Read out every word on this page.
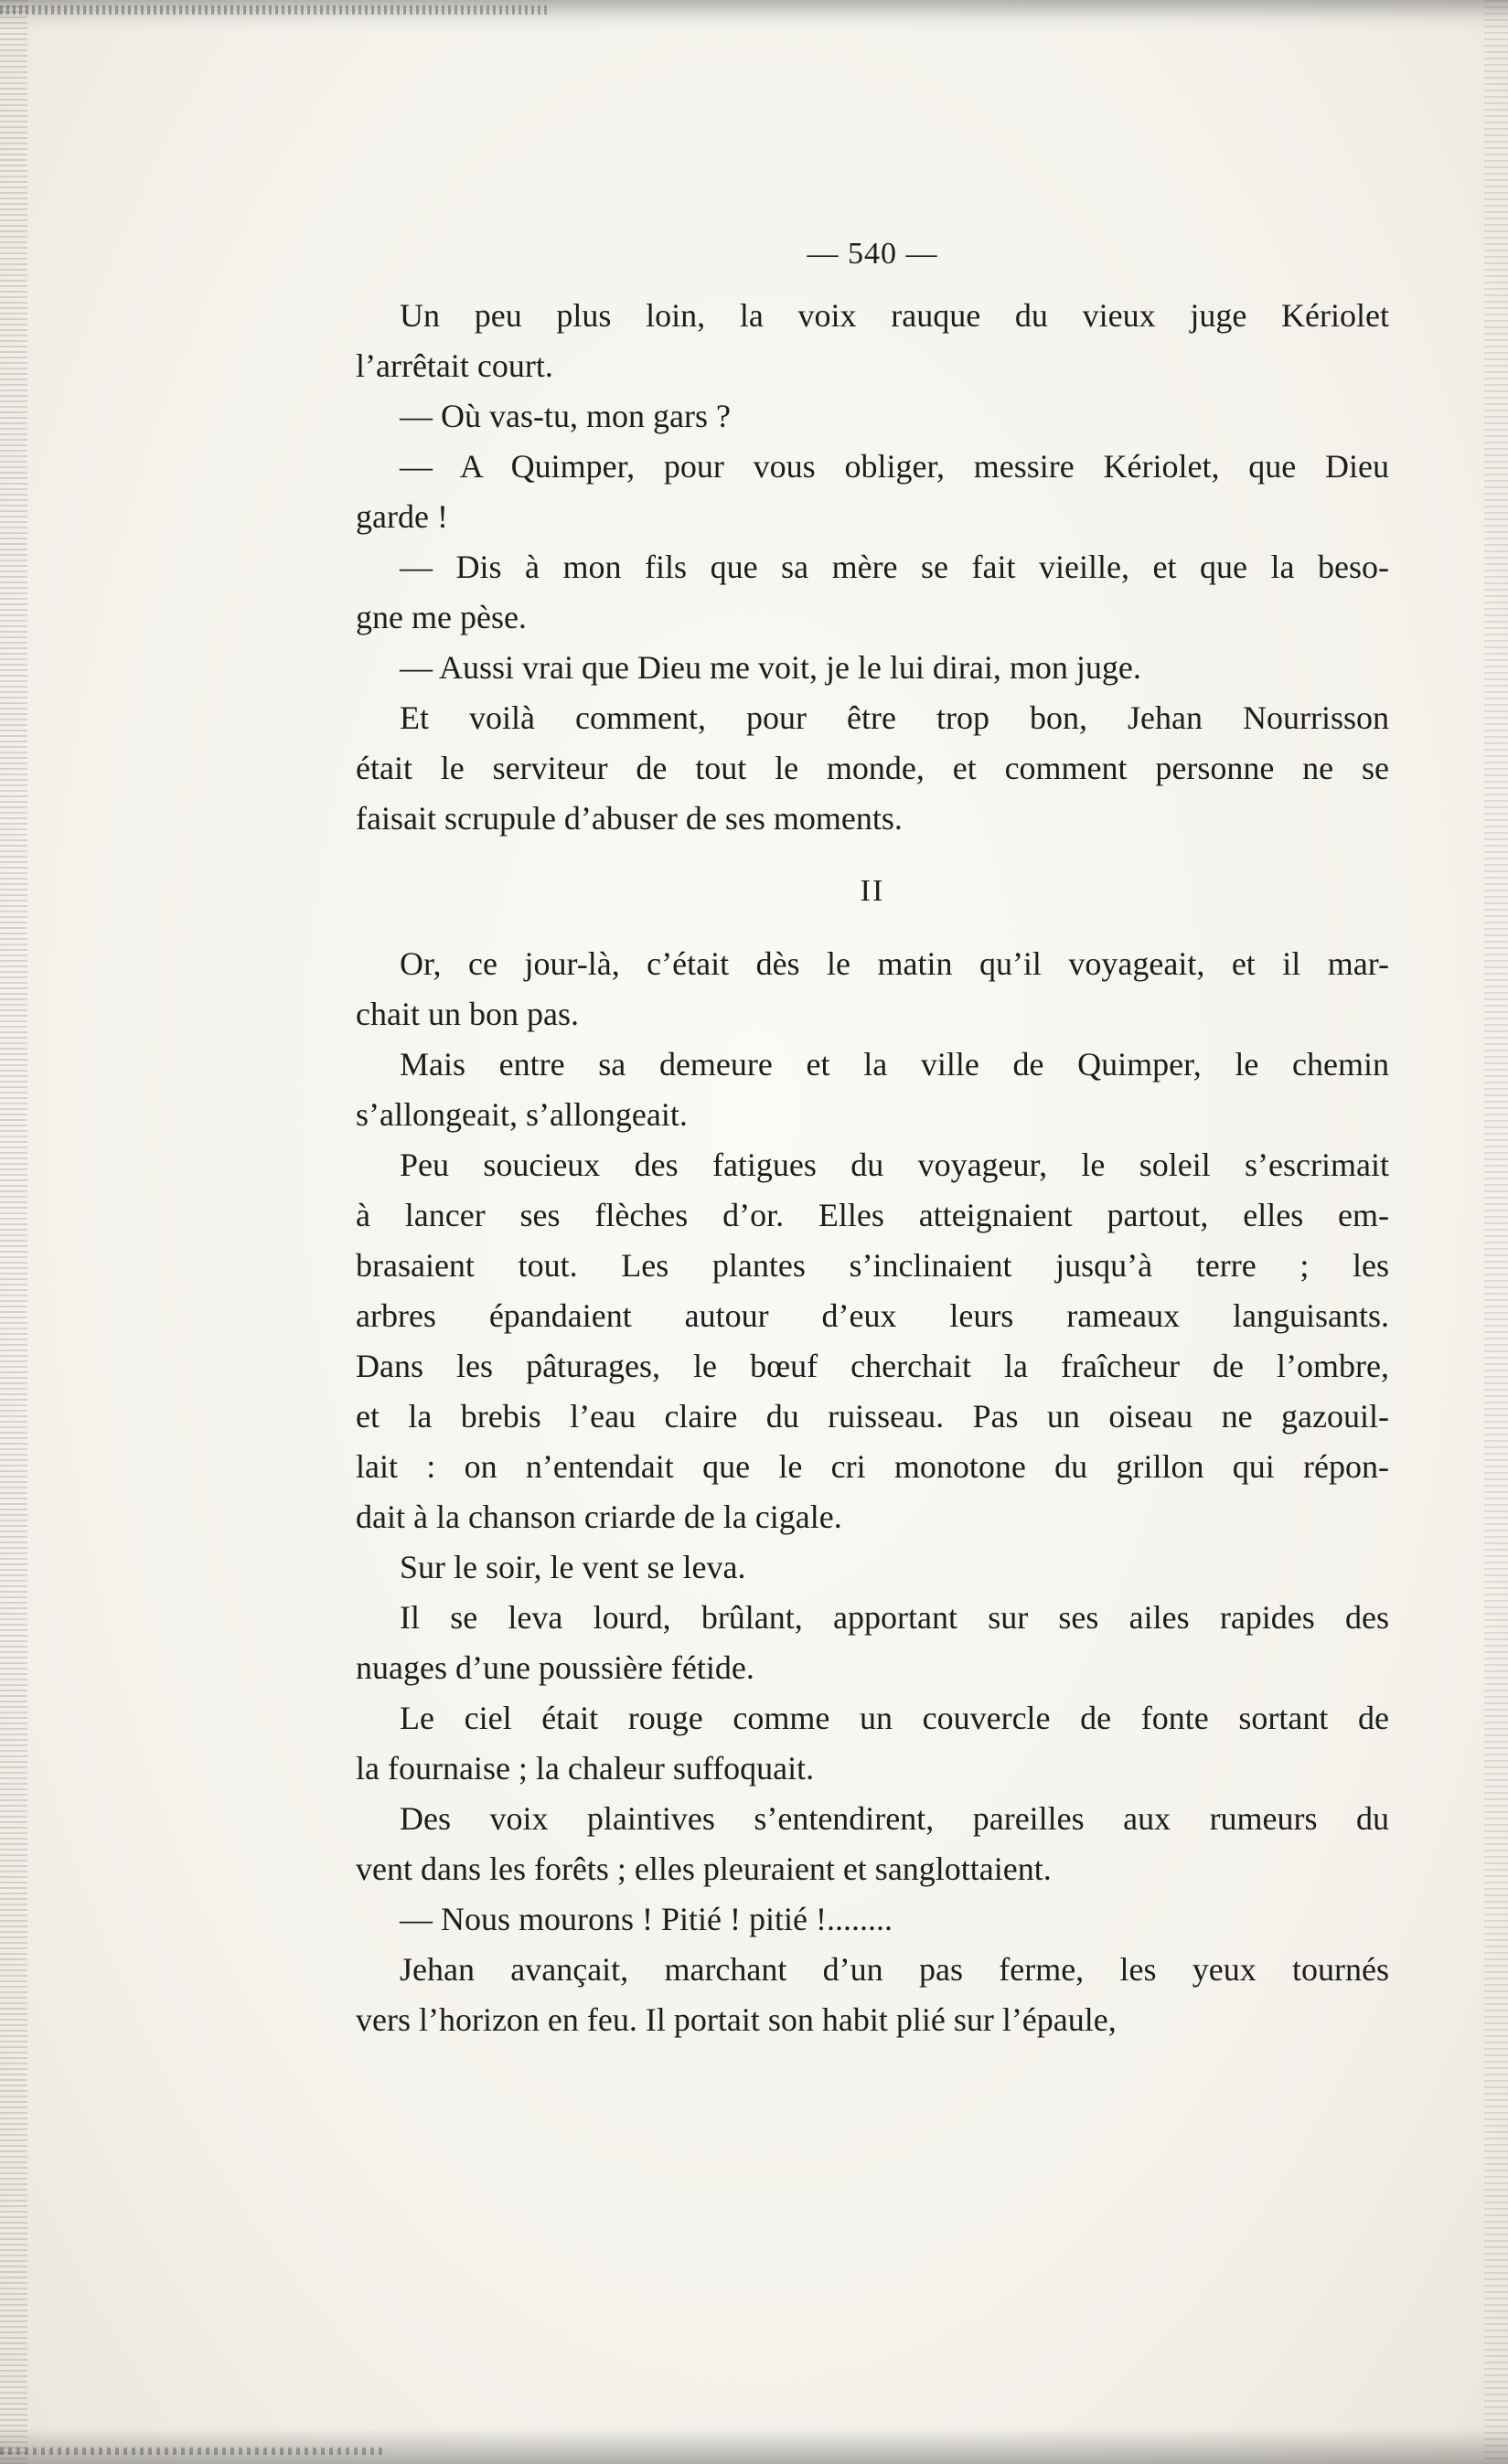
— 540 —
Un peu plus loin, la voix rauque du vieux juge Kériolet
l’arrêtait court.
— Où vas-tu, mon gars ?
— A Quimper, pour vous obliger, messire Kériolet, que Dieu
garde !
— Dis à mon fils que sa mère se fait vieille, et que la beso-
gne me pèse.
— Aussi vrai que Dieu me voit, je le lui dirai, mon juge.
Et voilà comment, pour être trop bon, Jehan Nourrisson
était le serviteur de tout le monde, et comment personne ne se
faisait scrupule d’abuser de ses moments.
II
Or, ce jour-là, c’était dès le matin qu’il voyageait, et il mar-
chait un bon pas.
Mais entre sa demeure et la ville de Quimper, le chemin
s’allongeait, s’allongeait.
Peu soucieux des fatigues du voyageur, le soleil s’escrimait
à lancer ses flèches d’or. Elles atteignaient partout, elles em-
brasaient tout. Les plantes s’inclinaient jusqu’à terre ; les
arbres épandaient autour d’eux leurs rameaux languisants.
Dans les pâturages, le bœuf cherchait la fraîcheur de l’ombre,
et la brebis l’eau claire du ruisseau. Pas un oiseau ne gazouil-
lait : on n’entendait que le cri monotone du grillon qui répon-
dait à la chanson criarde de la cigale.
Sur le soir, le vent se leva.
Il se leva lourd, brûlant, apportant sur ses ailes rapides des
nuages d’une poussière fétide.
Le ciel était rouge comme un couvercle de fonte sortant de
la fournaise ; la chaleur suffoquait.
Des voix plaintives s’entendirent, pareilles aux rumeurs du
vent dans les forêts ; elles pleuraient et sanglottaient.
— Nous mourons ! Pitié ! pitié !........
Jehan avançait, marchant d’un pas ferme, les yeux tournés
vers l’horizon en feu. Il portait son habit plié sur l’épaule,
